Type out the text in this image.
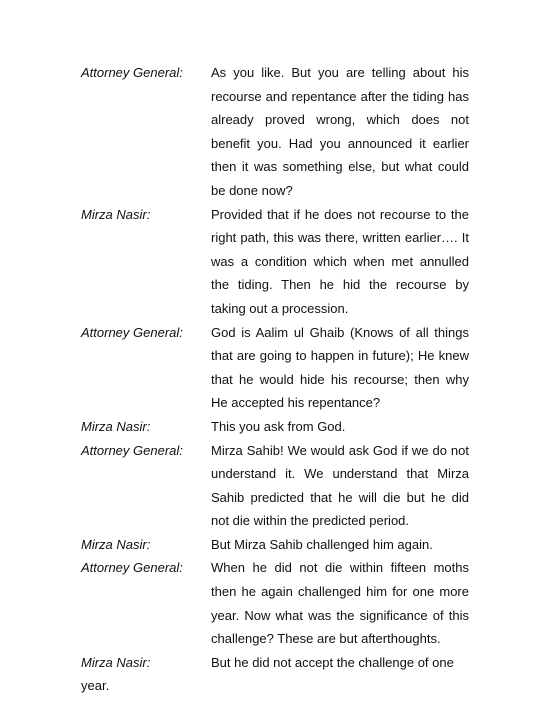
Attorney General: As you like. But you are telling about his recourse and repentance after the tiding has already proved wrong, which does not benefit you. Had you announced it earlier then it was something else, but what could be done now?
Mirza Nasir:	Provided that if he does not recourse to the right path, this was there, written earlier…. It was a condition which when met annulled the tiding. Then he hid the recourse by taking out a procession.
Attorney General: God is Aalim ul Ghaib (Knows of all things that are going to happen in future); He knew that he would hide his recourse; then why He accepted his repentance?
Mirza Nasir:	This you ask from God.
Attorney General: Mirza Sahib! We would ask God if we do not understand it. We understand that Mirza Sahib predicted that he will die but he did not die within the predicted period.
Mirza Nasir:	But Mirza Sahib challenged him again.
Attorney General: When he did not die within fifteen moths then he again challenged him for one more year. Now what was the significance of this challenge? These are but afterthoughts.
Mirza Nasir:	But he did not accept the challenge of one
year.
